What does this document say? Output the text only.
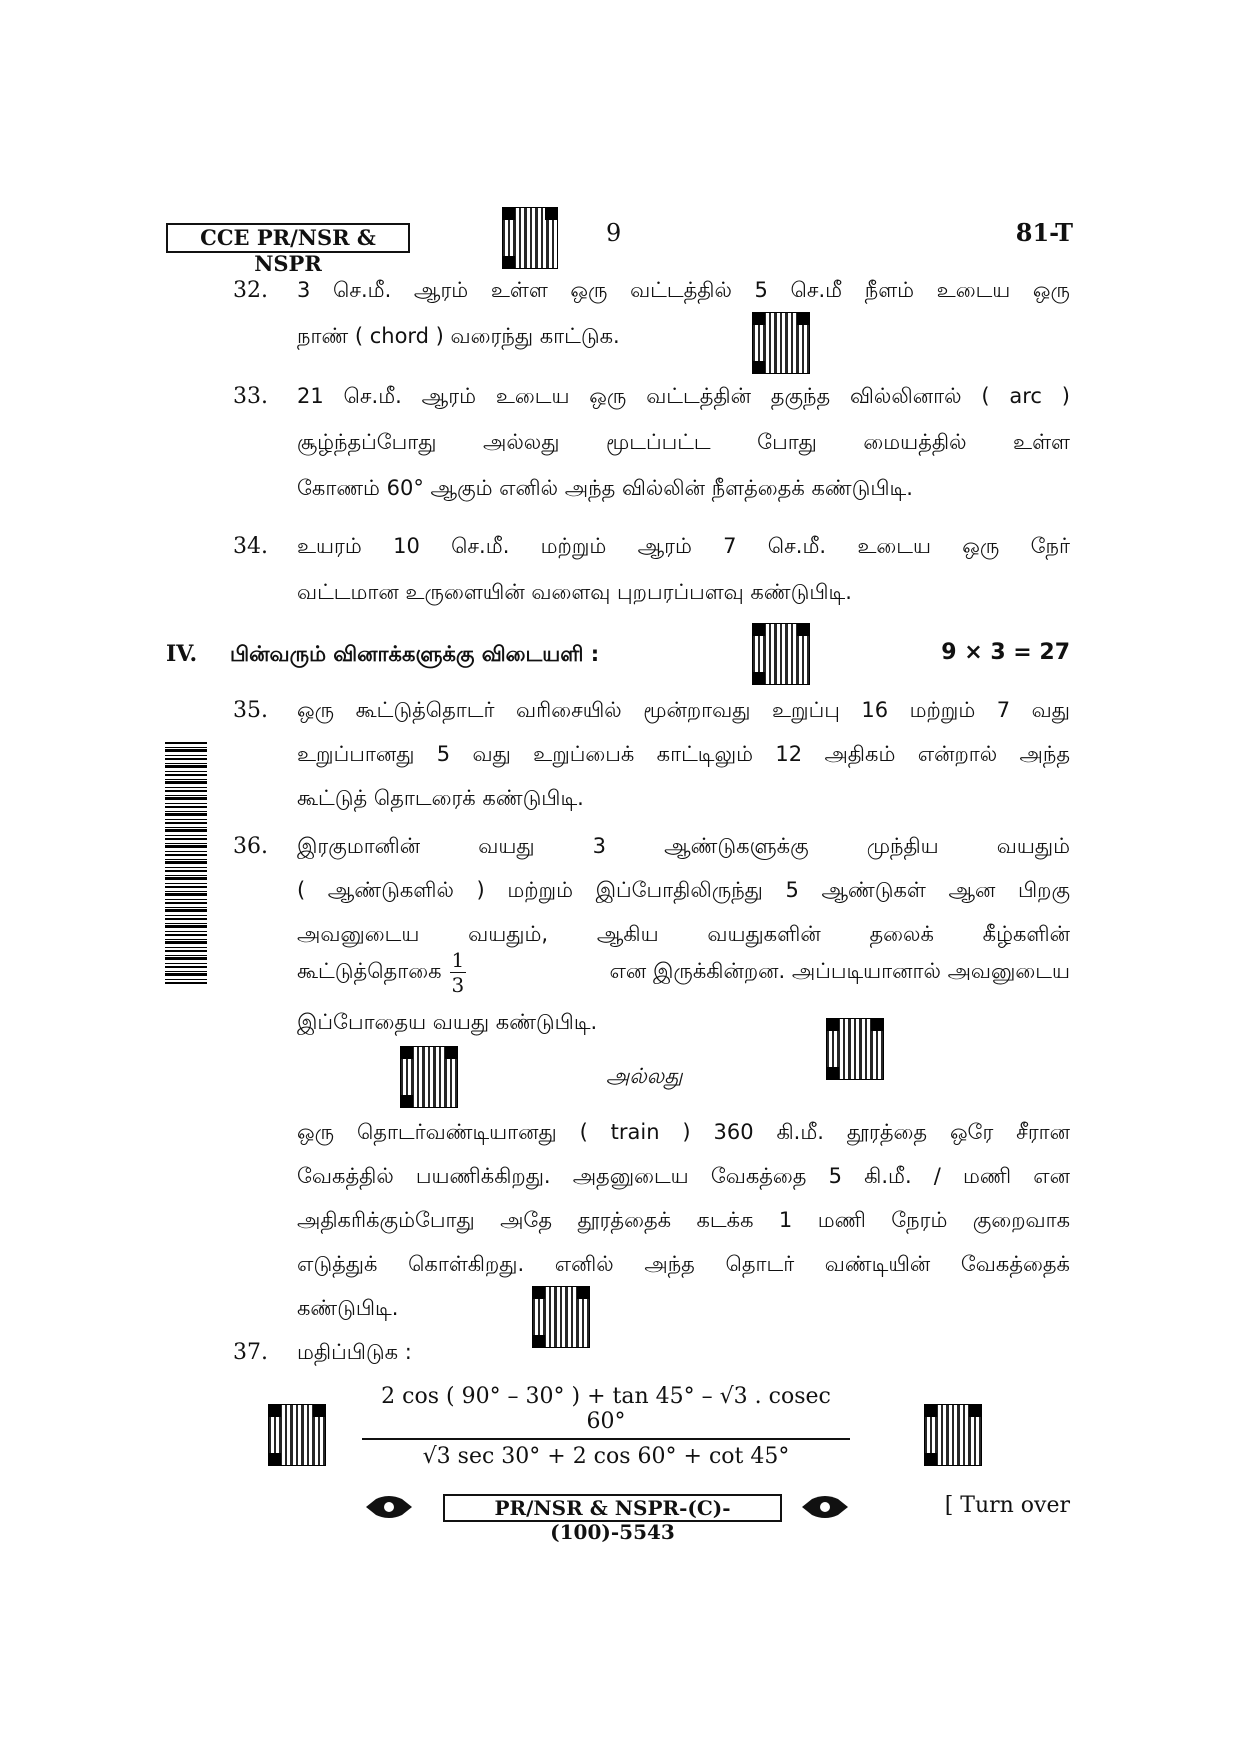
CCE PR/NSR & NSPR
9	81-T
32. 3 செ.மீ. ஆரம் உள்ள ஒரு வட்டத்தில் 5 செ.மீ நீளம் உடைய ஒரு
நாண் ( chord ) வரைந்து காட்டுக.
33. 21 செ.மீ. ஆரம் உடைய ஒரு வட்டத்தின் தகுந்த வில்லினால் ( arc )
சூழ்ந்தப்போது அல்லது மூடப்பட்ட போது மையத்தில் உள்ள
கோணம் 60° ஆகும் எனில் அந்த வில்லின் நீளத்தைக் கண்டுபிடி.
34. உயரம் 10 செ.மீ. மற்றும் ஆரம் 7 செ.மீ. உடைய ஒரு நேர்
வட்டமான உருளையின் வளைவு புறபரப்பளவு கண்டுபிடி.
IV. பின்வரும் வினாக்களுக்கு விடையளி :	9 × 3 = 27
35. ஒரு கூட்டுத்தொடர் வரிசையில் மூன்றாவது உறுப்பு 16 மற்றும் 7 வது
உறுப்பானது 5 வது உறுப்பைக் காட்டிலும் 12 அதிகம் என்றால் அந்த
கூட்டுத் தொடரைக் கண்டுபிடி.
36. இரகுமானின் வயது 3 ஆண்டுகளுக்கு முந்திய வயதும்
( ஆண்டுகளில் ) மற்றும் இப்போதிலிருந்து 5 ஆண்டுகள் ஆன பிறகு
அவனுடைய வயதும், ஆகிய வயதுகளின் தலைக் கீழ்களின்
கூட்டுத்தொகை $\frac{1}{3}$	என இருக்கின்றன. அப்படியானால் அவனுடைய
இப்போதைய வயது கண்டுபிடி.
அல்லது
ஒரு தொடர்வண்டியானது ( train ) 360 கி.மீ. தூரத்தை ஒரே சீரான
வேகத்தில் பயணிக்கிறது. அதனுடைய வேகத்தை 5 கி.மீ. / மணி என
அதிகரிக்கும்போது அதே தூரத்தைக் கடக்க 1 மணி நேரம் குறைவாக
எடுத்துக் கொள்கிறது. எனில் அந்த தொடர் வண்டியின் வேகத்தைக்
கண்டுபிடி.
37. மதிப்பிடுக :
2 cos ( 90° – 30° ) + tan 45° – √3 . cosec 60°
√3 sec 30° + 2 cos 60° + cot 45°
PR/NSR & NSPR-(C)-(100)-5543
[ Turn over
